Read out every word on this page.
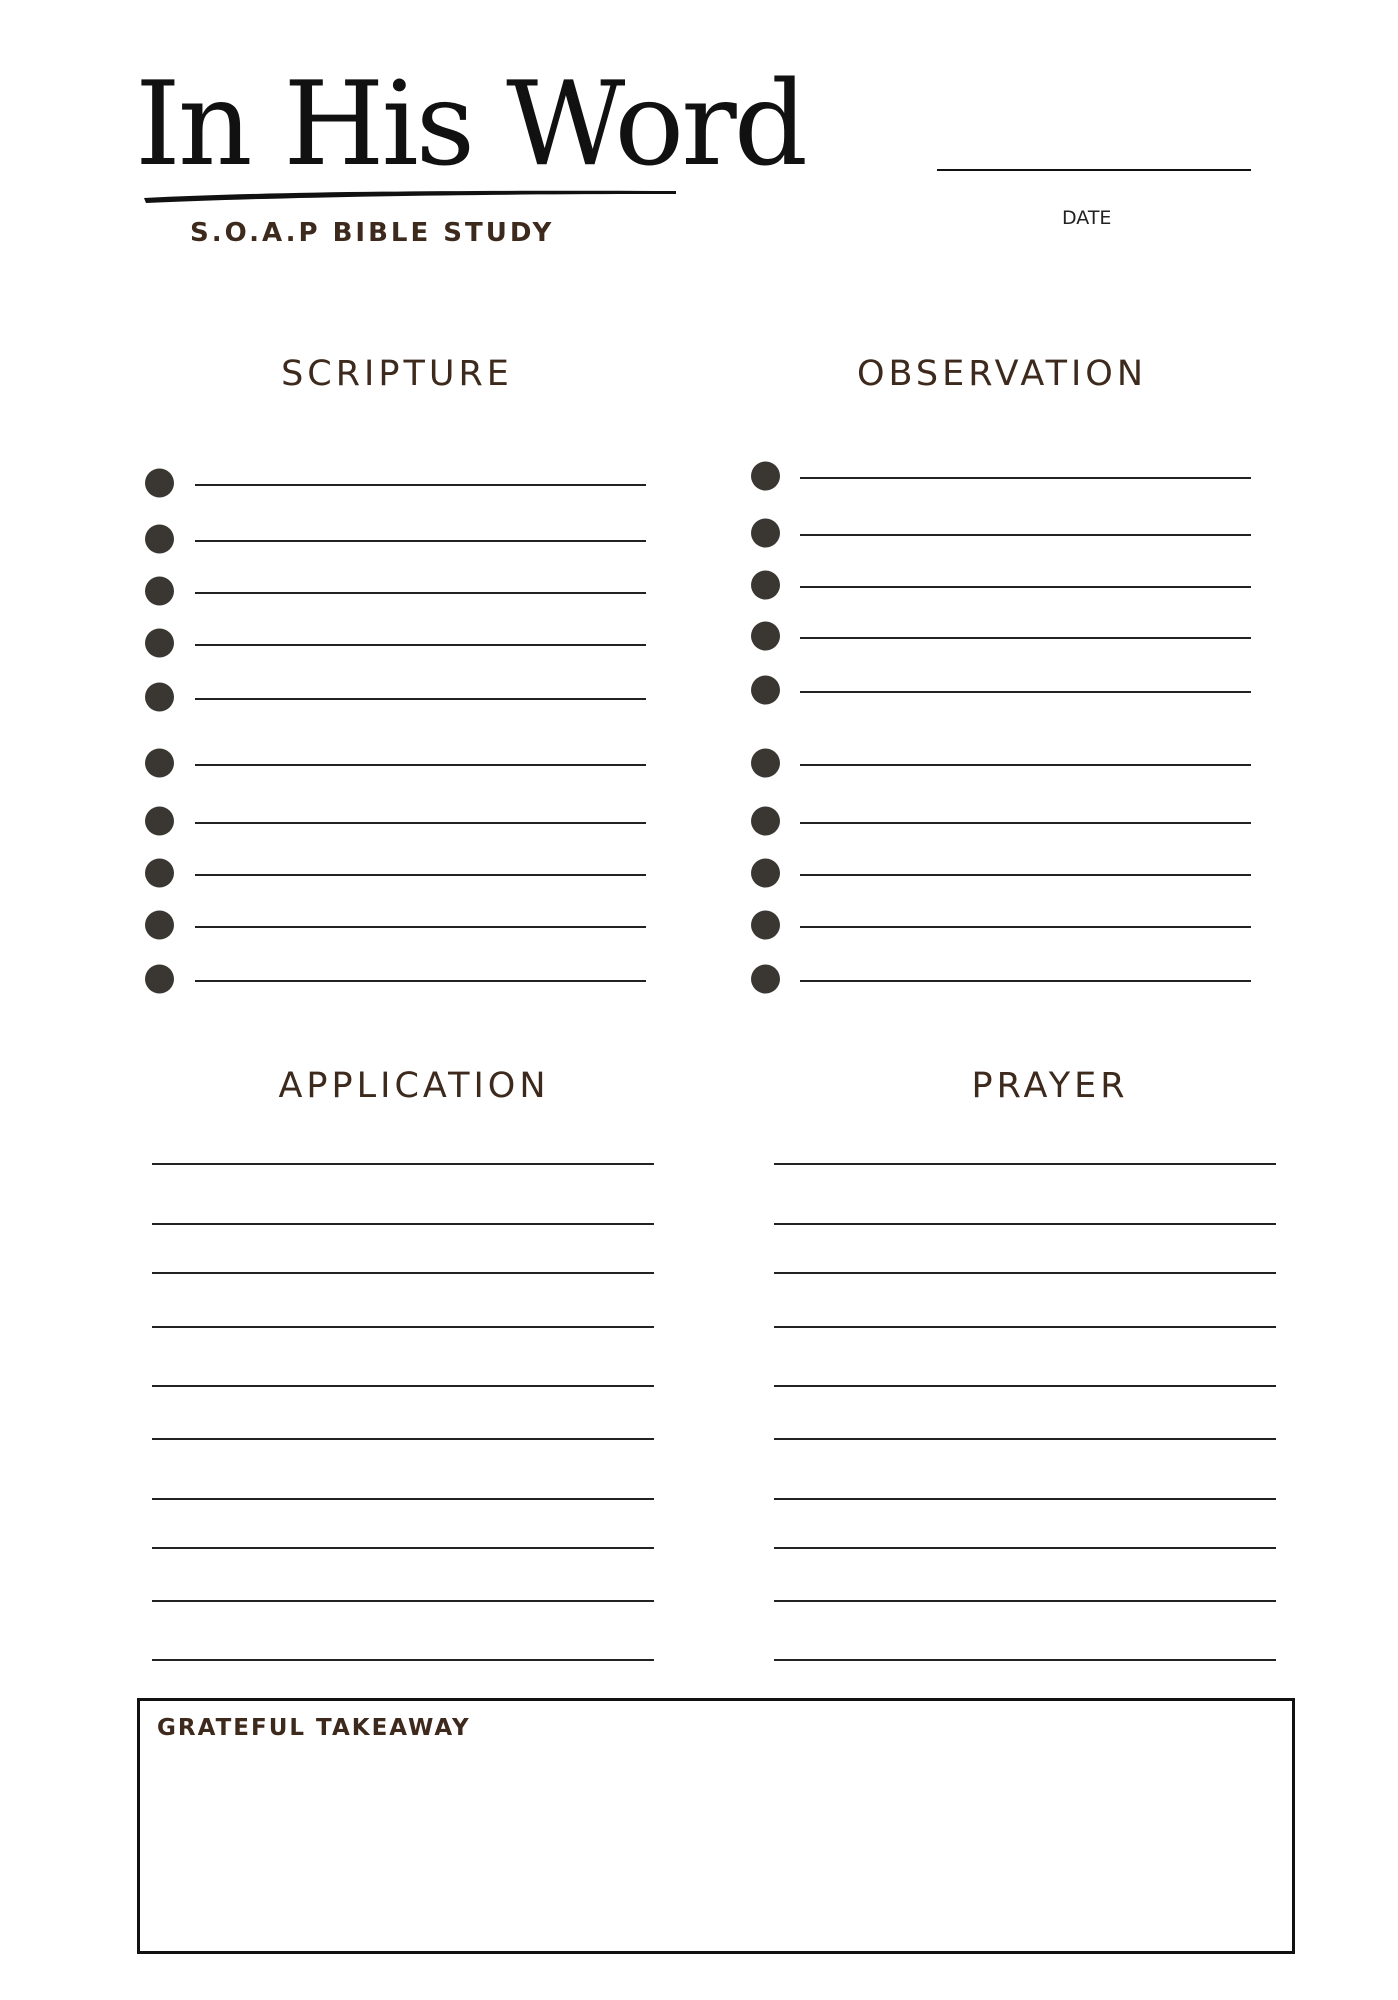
In His Word
S.O.A.P BIBLE STUDY	DATE
SCRIPTURE	OBSERVATION
APPLICATION	PRAYER
GRATEFUL TAKEAWAY
